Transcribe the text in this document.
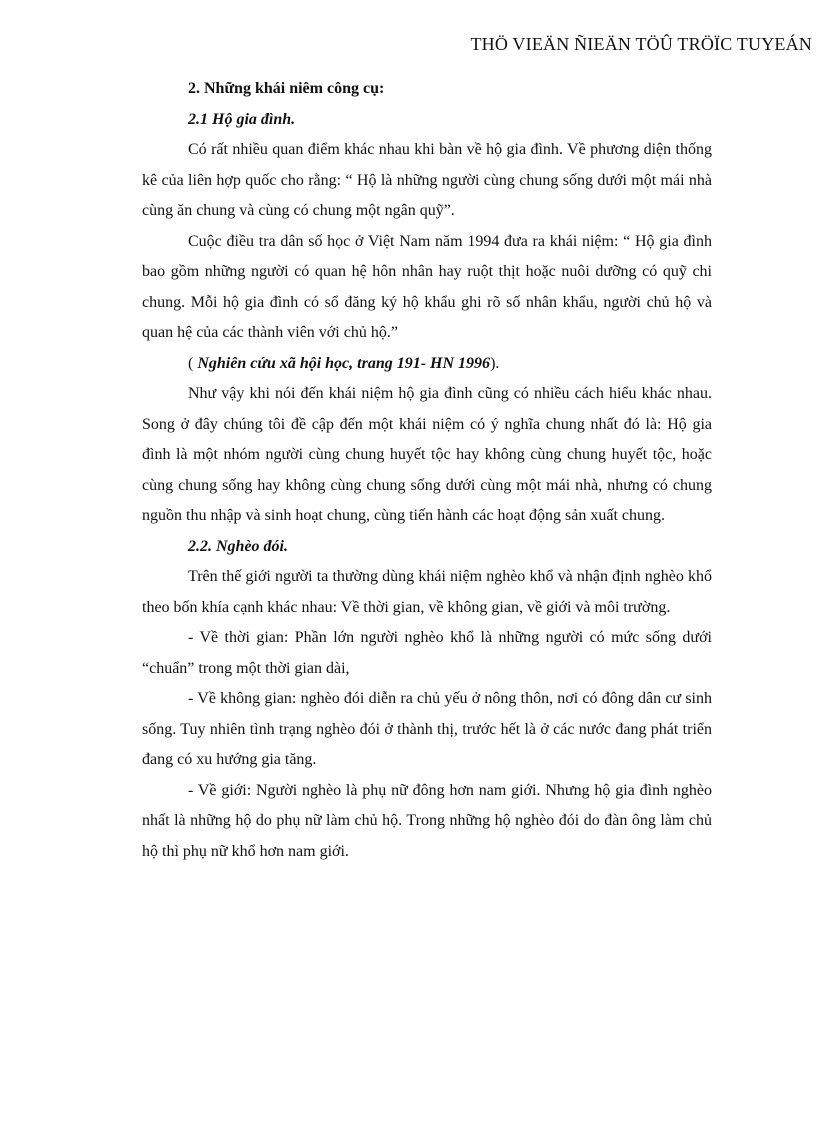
THÖ VIEÄN ÑIEÄN TÖÛ TRÖÏC TUYEÁN

2. Những khái niêm công cụ:

2.1 Hộ gia đình.

Có rất nhiều quan điểm khác nhau khi bàn về hộ gia đình. Về phương diện thống kê của liên hợp quốc cho rằng: “ Hộ là những người cùng chung sống dưới một mái nhà cùng ăn chung và cùng có chung một ngân quỹ”.

Cuộc điều tra dân số học ở Việt Nam năm 1994 đưa ra khái niệm: “ Hộ gia đình bao gồm những người có quan hệ hôn nhân hay ruột thịt hoặc nuôi dưỡng có quỹ chi chung. Mỗi hộ gia đình có sổ đăng ký hộ khẩu ghi rõ số nhân khẩu, người chủ hộ và quan hệ của các thành viên với chủ hộ.”

( Nghiên cứu xã hội học, trang 191- HN 1996).

Như vậy khi nói đến khái niệm hộ gia đình cũng có nhiều cách hiểu khác nhau. Song ở đây chúng tôi đề cập đến một khái niệm có ý nghĩa chung nhất đó là: Hộ gia đình là một nhóm người cùng chung huyết tộc hay không cùng chung huyết tộc, hoặc cùng chung sống hay không cùng chung sống dưới cùng một mái nhà, nhưng có chung nguồn thu nhập và sinh hoạt chung, cùng tiến hành các hoạt động sản xuất chung.

2.2. Nghèo đói.

Trên thế giới người ta thường dùng khái niệm nghèo khổ và nhận định nghèo khổ theo bốn khía cạnh khác nhau: Về thời gian, về không gian, về giới và môi trường.

- Về thời gian: Phần lớn người nghèo khổ là những người có mức sống dưới “chuẩn” trong một thời gian dài,

- Về không gian: nghèo đói diễn ra chủ yếu ở nông thôn, nơi có đông dân cư sinh sống. Tuy nhiên tình trạng nghèo đói ở thành thị, trước hết là ở các nước đang phát triển đang có xu hướng gia tăng.

- Về giới: Người nghèo là phụ nữ đông hơn nam giới. Nhưng hộ gia đình nghèo nhất là những hộ do phụ nữ làm chủ hộ. Trong những hộ nghèo đói do đàn ông làm chủ hộ thì phụ nữ khổ hơn nam giới.
